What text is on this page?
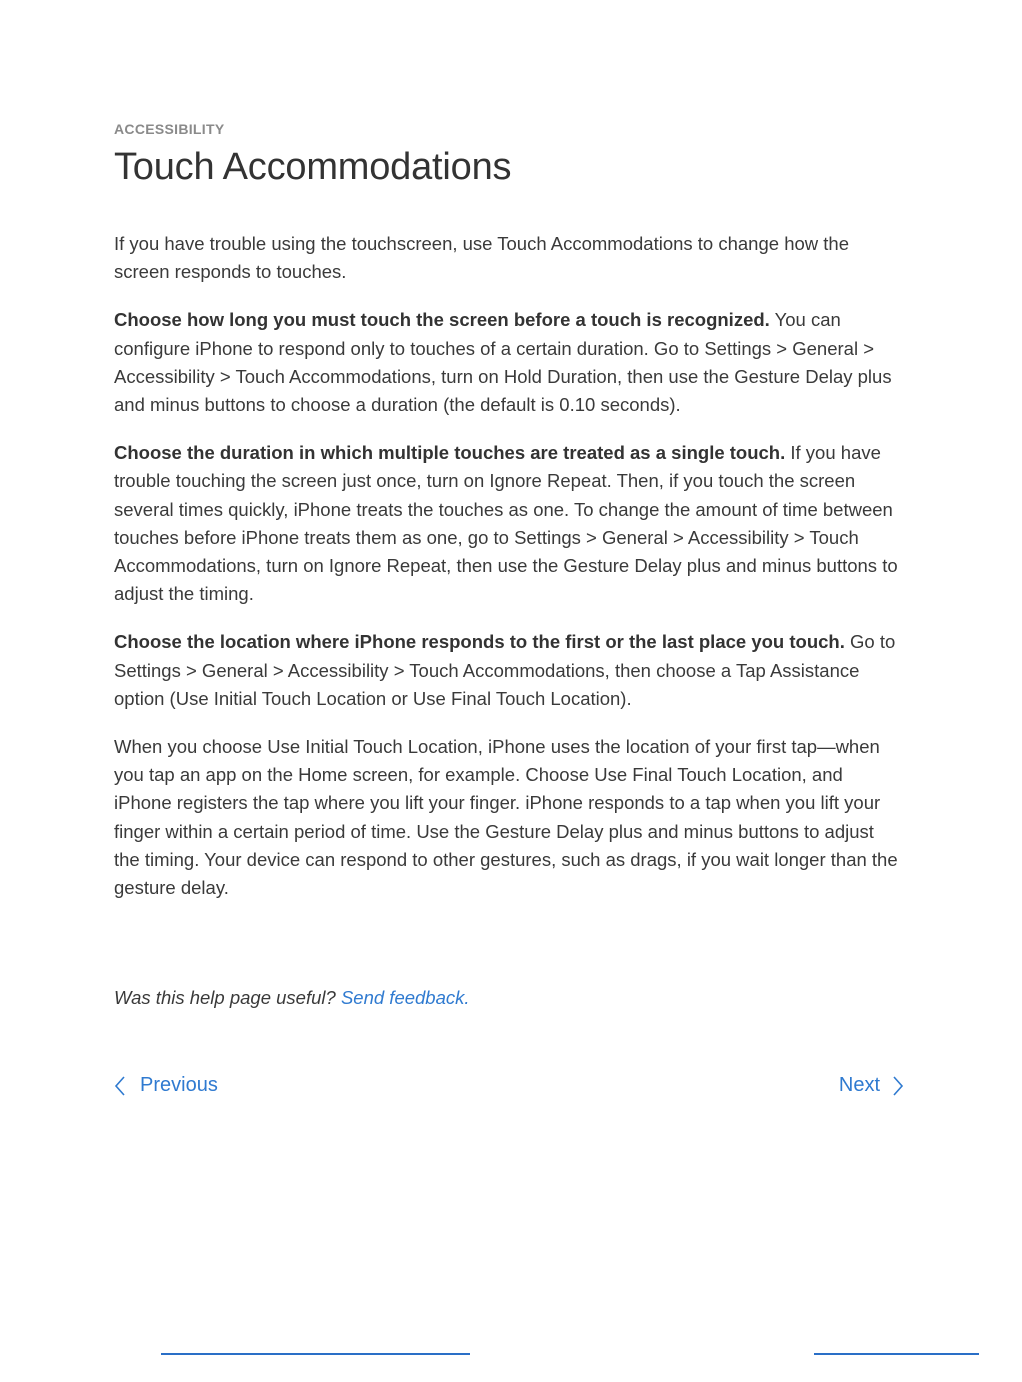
ACCESSIBILITY
Touch Accommodations

If you have trouble using the touchscreen, use Touch Accommodations to change how the screen responds to touches.

Choose how long you must touch the screen before a touch is recognized. You can configure iPhone to respond only to touches of a certain duration. Go to Settings > General > Accessibility > Touch Accommodations, turn on Hold Duration, then use the Gesture Delay plus and minus buttons to choose a duration (the default is 0.10 seconds).

Choose the duration in which multiple touches are treated as a single touch. If you have trouble touching the screen just once, turn on Ignore Repeat. Then, if you touch the screen several times quickly, iPhone treats the touches as one. To change the amount of time between touches before iPhone treats them as one, go to Settings > General > Accessibility > Touch Accommodations, turn on Ignore Repeat, then use the Gesture Delay plus and minus buttons to adjust the timing.

Choose the location where iPhone responds to the first or the last place you touch. Go to Settings > General > Accessibility > Touch Accommodations, then choose a Tap Assistance option (Use Initial Touch Location or Use Final Touch Location).

When you choose Use Initial Touch Location, iPhone uses the location of your first tap—when you tap an app on the Home screen, for example. Choose Use Final Touch Location, and iPhone registers the tap where you lift your finger. iPhone responds to a tap when you lift your finger within a certain period of time. Use the Gesture Delay plus and minus buttons to adjust the timing. Your device can respond to other gestures, such as drags, if you wait longer than the gesture delay.

Was this help page useful? Send feedback.
Previous	Next
